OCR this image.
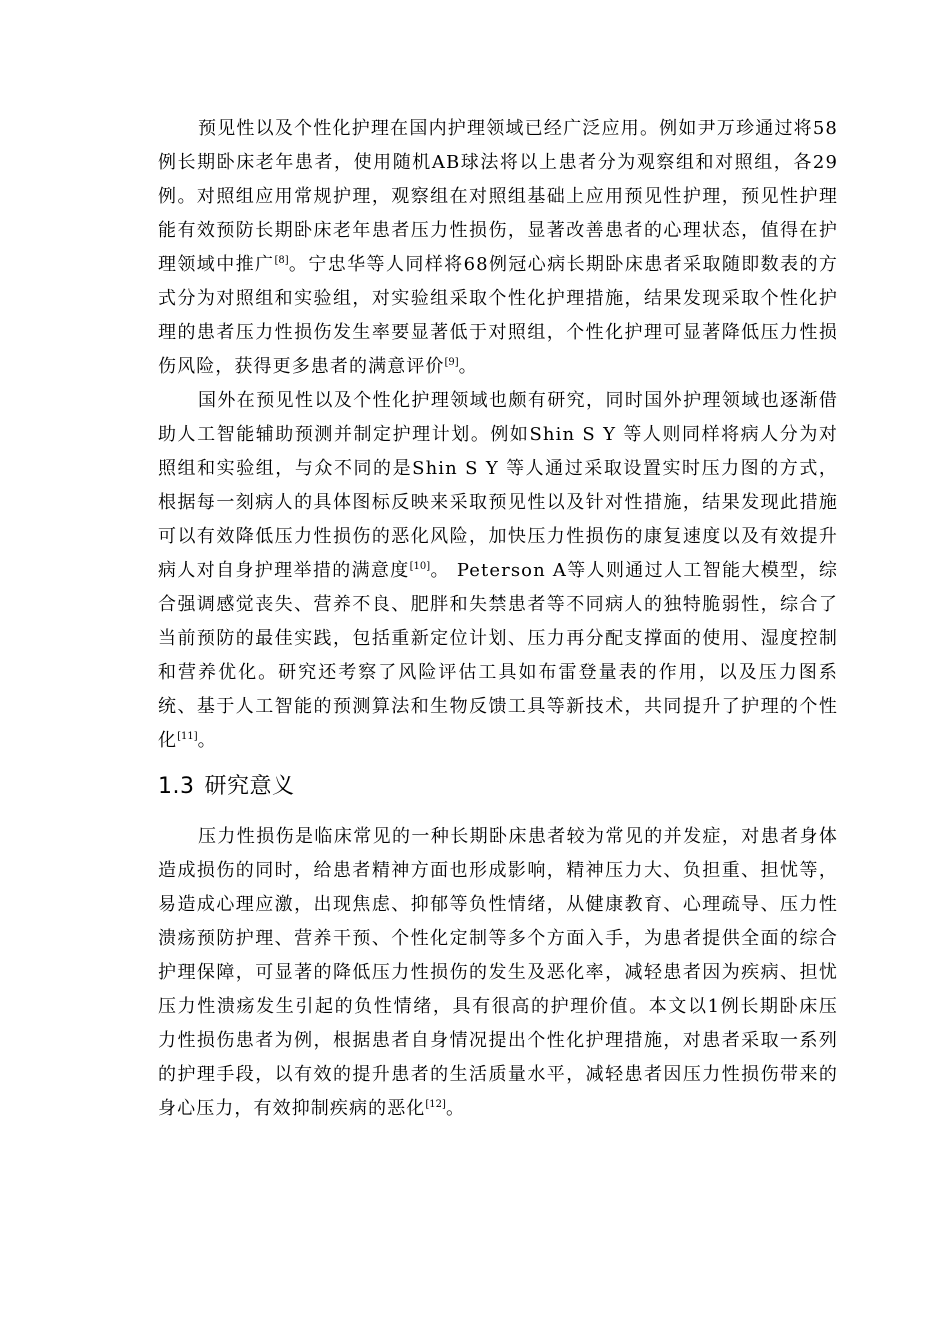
预见性以及个性化护理在国内护理领域已经广泛应用。例如尹万珍通过将58例长期卧床老年患者，使用随机AB球法将以上患者分为观察组和对照组，各29例。对照组应用常规护理，观察组在对照组基础上应用预见性护理，预见性护理能有效预防长期卧床老年患者压力性损伤，显著改善患者的心理状态，值得在护理领域中推广[8]。宁忠华等人同样将68例冠心病长期卧床患者采取随即数表的方式分为对照组和实验组，对实验组采取个性化护理措施，结果发现采取个性化护理的患者压力性损伤发生率要显著低于对照组，个性化护理可显著降低压力性损伤风险，获得更多患者的满意评价[9]。

国外在预见性以及个性化护理领域也颇有研究，同时国外护理领域也逐渐借助人工智能辅助预测并制定护理计划。例如Shin S Y 等人则同样将病人分为对照组和实验组，与众不同的是Shin S Y 等人通过采取设置实时压力图的方式，根据每一刻病人的具体图标反映来采取预见性以及针对性措施，结果发现此措施可以有效降低压力性损伤的恶化风险，加快压力性损伤的康复速度以及有效提升病人对自身护理举措的满意度[10]。 Peterson A等人则通过人工智能大模型，综合强调感觉丧失、营养不良、肥胖和失禁患者等不同病人的独特脆弱性，综合了当前预防的最佳实践，包括重新定位计划、压力再分配支撑面的使用、湿度控制和营养优化。研究还考察了风险评估工具如布雷登量表的作用，以及压力图系统、基于人工智能的预测算法和生物反馈工具等新技术，共同提升了护理的个性化[11]。

1.3 研究意义

压力性损伤是临床常见的一种长期卧床患者较为常见的并发症，对患者身体造成损伤的同时，给患者精神方面也形成影响，精神压力大、负担重、担忧等，易造成心理应激，出现焦虑、抑郁等负性情绪，从健康教育、心理疏导、压力性溃疡预防护理、营养干预、个性化定制等多个方面入手，为患者提供全面的综合护理保障，可显著的降低压力性损伤的发生及恶化率，减轻患者因为疾病、担忧压力性溃疡发生引起的负性情绪，具有很高的护理价值。本文以1例长期卧床压力性损伤患者为例，根据患者自身情况提出个性化护理措施，对患者采取一系列的护理手段，以有效的提升患者的生活质量水平，减轻患者因压力性损伤带来的身心压力，有效抑制疾病的恶化[12]。
